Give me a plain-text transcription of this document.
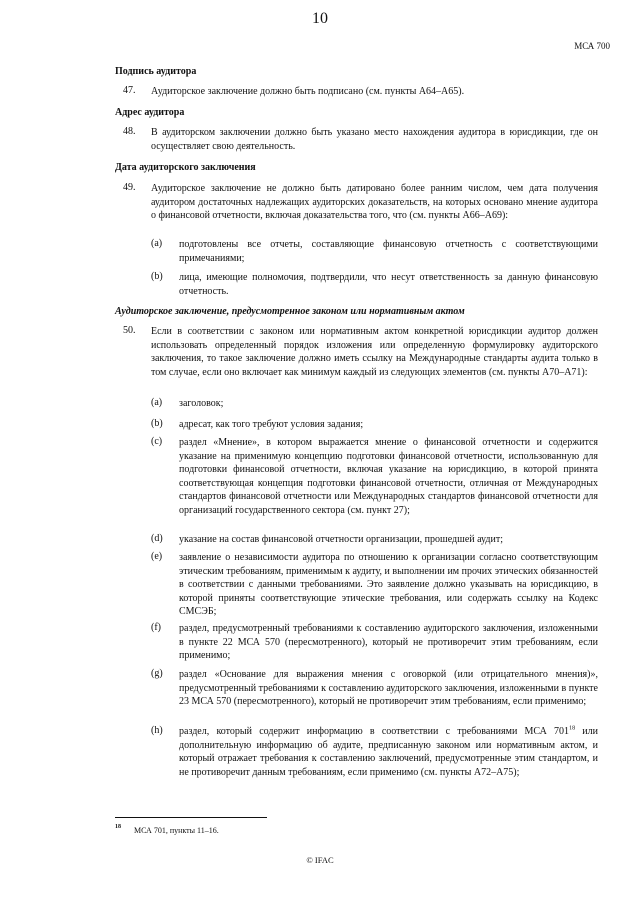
10
МСА 700
Подпись аудитора
47. Аудиторское заключение должно быть подписано (см. пункты А64–А65).
Адрес аудитора
48. В аудиторском заключении должно быть указано место нахождения аудитора в юрисдикции, где он осуществляет свою деятельность.
Дата аудиторского заключения
49. Аудиторское заключение не должно быть датировано более ранним числом, чем дата получения аудитором достаточных надлежащих аудиторских доказательств, на которых основано мнение аудитора о финансовой отчетности, включая доказательства того, что (см. пункты А66–А69):
(a) подготовлены все отчеты, составляющие финансовую отчетность с соответствующими примечаниями;
(b) лица, имеющие полномочия, подтвердили, что несут ответственность за данную финансовую отчетность.
Аудиторское заключение, предусмотренное законом или нормативным актом
50. Если в соответствии с законом или нормативным актом конкретной юрисдикции аудитор должен использовать определенный порядок изложения или определенную формулировку аудиторского заключения, то такое заключение должно иметь ссылку на Международные стандарты аудита только в том случае, если оно включает как минимум каждый из следующих элементов (см. пункты А70–А71):
(a) заголовок;
(b) адресат, как того требуют условия задания;
(c) раздел «Мнение», в котором выражается мнение о финансовой отчетности и содержится указание на применимую концепцию подготовки финансовой отчетности, использованную для подготовки финансовой отчетности, включая указание на юрисдикцию, в которой принята соответствующая концепция подготовки финансовой отчетности, отличная от Международных стандартов финансовой отчетности или Международных стандартов финансовой отчетности для организаций государственного сектора (см. пункт 27);
(d) указание на состав финансовой отчетности организации, прошедшей аудит;
(e) заявление о независимости аудитора по отношению к организации согласно соответствующим этическим требованиям, применимым к аудиту, и выполнении им прочих этических обязанностей в соответствии с данными требованиями. Это заявление должно указывать на юрисдикцию, в которой приняты соответствующие этические требования, или содержать ссылку на Кодекс СМСЭБ;
(f) раздел, предусмотренный требованиями к составлению аудиторского заключения, изложенными в пункте 22 МСА 570 (пересмотренного), который не противоречит этим требованиям, если применимо;
(g) раздел «Основание для выражения мнения с оговоркой (или отрицательного мнения)», предусмотренный требованиями к составлению аудиторского заключения, изложенными в пункте 23 МСА 570 (пересмотренного), который не противоречит этим требованиям, если применимо;
(h) раздел, который содержит информацию в соответствии с требованиями МСА $701^{18}$ или дополнительную информацию об аудите, предписанную законом или нормативным актом, и который отражает требования к составлению заключений, предусмотренные этим стандартом, и не противоречит данным требованиям, если применимо (см. пункты А72–А75);
18 МСА 701, пункты 11–16.
© IFAC
